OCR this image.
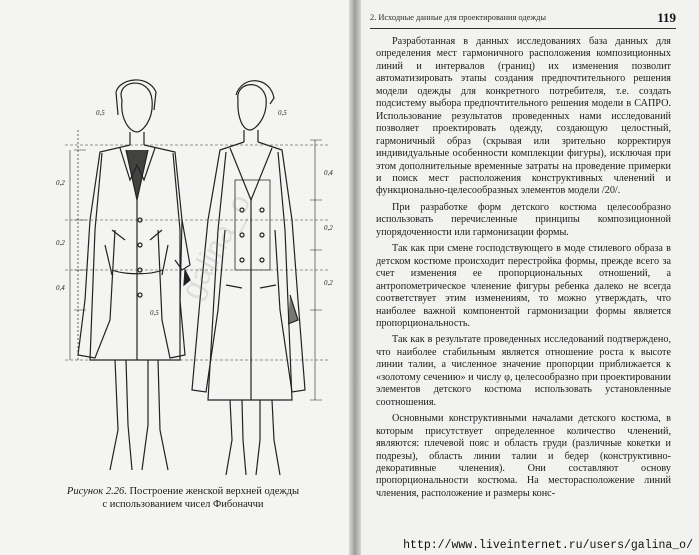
0,5	0,5
0,2
0,2
0,4
0,4
0,2
0,2
0,5
galina_o
Рисунок 2.26. Построение женской верхней одежды
с использованием чисел Фибоначчи
2. Исходные данные для проектирования одежды	119

Разработанная в данных исследованиях база данных для определения мест гармоничного расположения композиционных линий и интервалов (границ) их изменения позволит автоматизировать этапы создания предпочтительного решения модели одежды для конкретного потребителя, т.е. создать подсистему выбора предпочтительного решения модели в САПРО. Использование результатов проведенных нами исследований позволяет проектировать одежду, создающую целостный, гармоничный образ (скрывая или зрительно корректируя индивидуальные особенности комплекции фигуры), исключая при этом дополнительные временные затраты на проведение примерки и поиск мест расположения конструктивных членений и функционально-целесообразных элементов модели /20/.

При разработке форм детского костюма целесообразно использовать перечисленные принципы композиционной упорядоченности или гармонизации формы.

Так как при смене господствующего в моде стилевого образа в детском костюме происходит перестройка формы, прежде всего за счет изменения ее пропорциональных отношений, а антропометрическое членение фигуры ребенка далеко не всегда соответствует этим изменениям, то можно утверждать, что наиболее важной компонентой гармонизации формы является пропорциональность.

Так как в результате проведенных исследований подтверждено, что наиболее стабильным является отношение роста к высоте линии талии, а численное значение пропорции приближается к «золотому сечению» и числу φ, целесообразно при проектировании элементов детского костюма использовать установленные соотношения.

Основными конструктивными началами детского костюма, в которым присутствует определенное количество членений, являются: плечевой пояс и область груди (различные кокетки и подрезы), область линии талии и бедер (конструктивно-декоративные членения). Они составляют основу пропорциональности костюма. На месторасположение линий членения, расположение и размеры конс-

http://www.liveinternet.ru/users/galina_o/
